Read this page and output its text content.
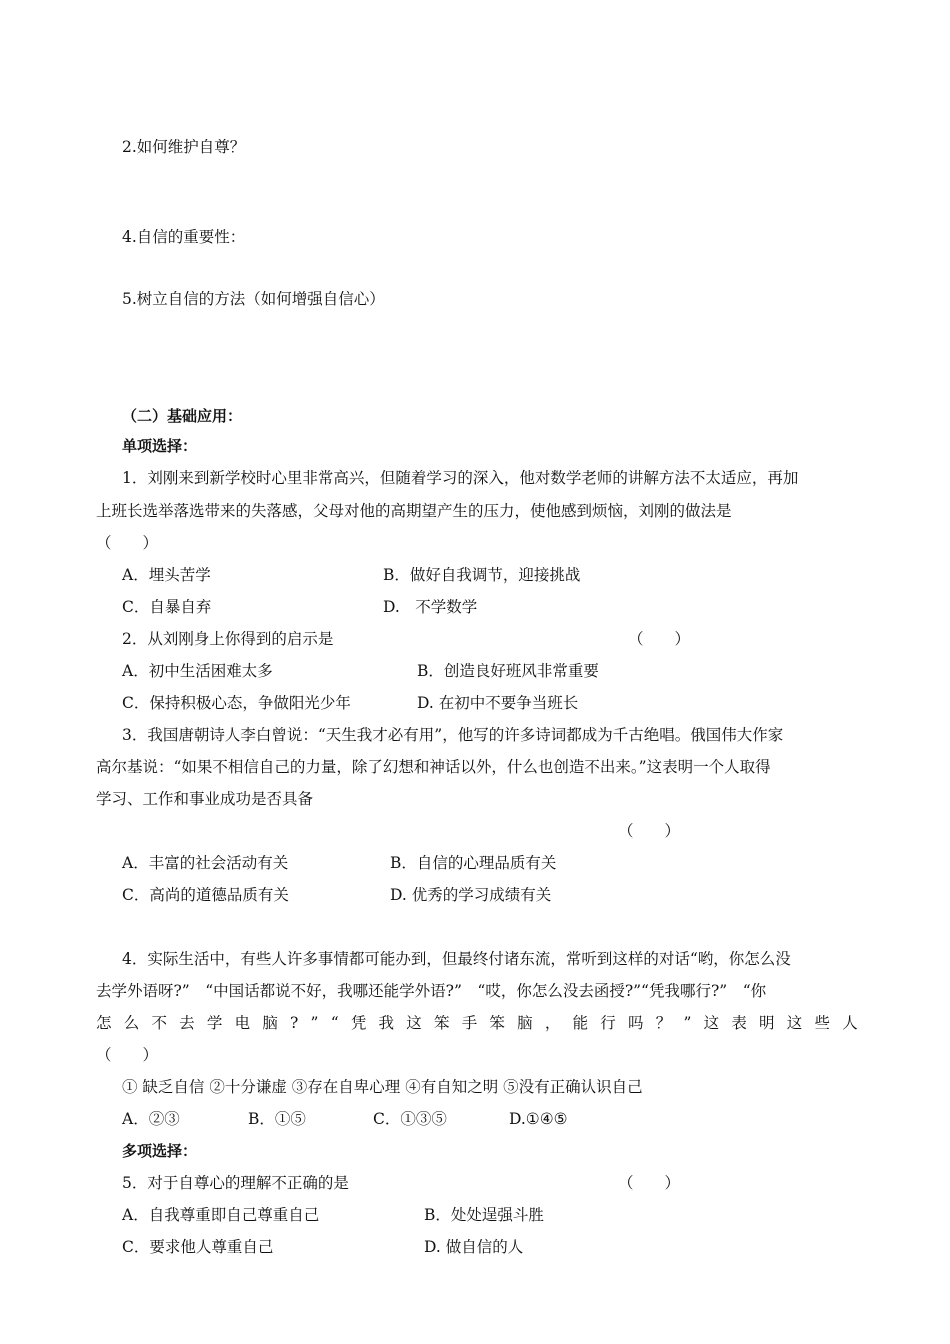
2.如何维护自尊？
4.自信的重要性：
5.树立自信的方法（如何增强自信心）
（二）基础应用：
单项选择：
1．刘刚来到新学校时心里非常高兴，但随着学习的深入，他对数学老师的讲解方法不太适应，再加
上班长选举落选带来的失落感，父母对他的高期望产生的压力，使他感到烦恼，刘刚的做法是
（　　）
A．埋头苦学	B．做好自我调节，迎接挑战
C．自暴自弃	D.　不学数学
2．从刘刚身上你得到的启示是	（　　）
A．初中生活困难太多	B．创造良好班风非常重要
C．保持积极心态，争做阳光少年	D. 在初中不要争当班长
3．我国唐朝诗人李白曾说：“天生我才必有用”，他写的许多诗词都成为千古绝唱。俄国伟大作家
高尔基说：“如果不相信自己的力量，除了幻想和神话以外，什么也创造不出来。”这表明一个人取得
学习、工作和事业成功是否具备
（　　）
A．丰富的社会活动有关	B．自信的心理品质有关
C．高尚的道德品质有关	D. 优秀的学习成绩有关
4．实际生活中，有些人许多事情都可能办到，但最终付诸东流，常听到这样的对话“哟，你怎么没
去学外语呀?”　“中国话都说不好，我哪还能学外语?”　“哎，你怎么没去函授?”“凭我哪行?”　“你
怎 么 不 去 学 电 脑 ? ” “ 凭 我 这 笨 手 笨 脑 ， 能 行 吗 ？ ” 这 表 明 这 些 人
（　　）
① 缺乏自信 ②十分谦虚 ③存在自卑心理 ④有自知之明 ⑤没有正确认识自己
A．②③	B．①⑤	C．①③⑤	D.①④⑤
多项选择：
5．对于自尊心的理解不正确的是	（　　）
A．自我尊重即自己尊重自己	B．处处逞强斗胜
C．要求他人尊重自己	D. 做自信的人
